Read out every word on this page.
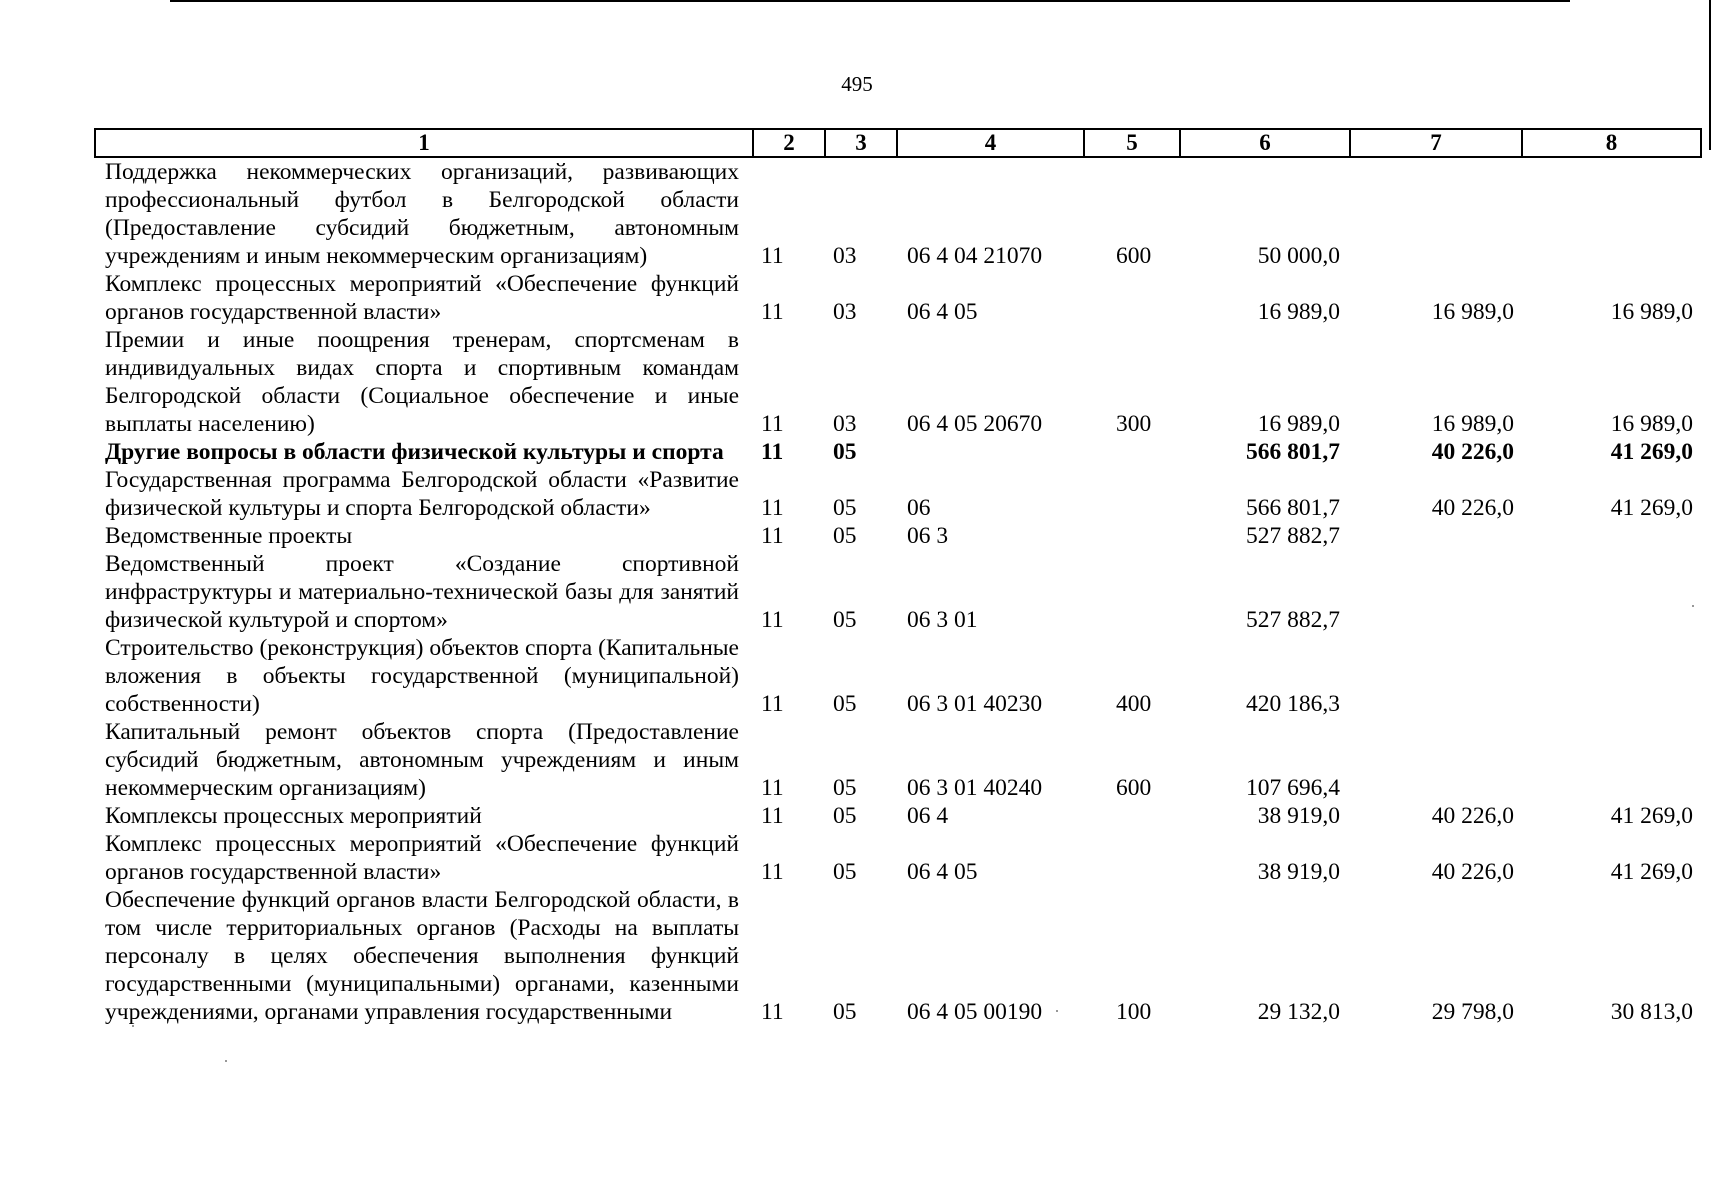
495
1	2	3	4	5	6	7	8
Поддержка некоммерческих организаций, развивающих профессиональный футбол в Белгородской области (Предоставление субсидий бюджетным, автономным учреждениям и иным некоммерческим организациям)	11	03	06 4 04 21070	600	50 000,0		
Комплекс процессных мероприятий «Обеспечение функций органов государственной власти»	11	03	06 4 05		16 989,0	16 989,0	16 989,0
Премии и иные поощрения тренерам, спортсменам в индивидуальных видах спорта и спортивным командам Белгородской области (Социальное обеспечение и иные выплаты населению)	11	03	06 4 05 20670	300	16 989,0	16 989,0	16 989,0
Другие вопросы в области физической культуры и спорта	11	05			566 801,7	40 226,0	41 269,0
Государственная программа Белгородской области «Развитие физической культуры и спорта Белгородской области»	11	05	06		566 801,7	40 226,0	41 269,0
Ведомственные проекты	11	05	06 3		527 882,7		
Ведомственный проект «Создание спортивной инфраструктуры и материально-технической базы для занятий физической культурой и спортом»	11	05	06 3 01		527 882,7		
Строительство (реконструкция) объектов спорта (Капитальные вложения в объекты государственной (муниципальной) собственности)	11	05	06 3 01 40230	400	420 186,3		
Капитальный ремонт объектов спорта (Предоставление субсидий бюджетным, автономным учреждениям и иным некоммерческим организациям)	11	05	06 3 01 40240	600	107 696,4		
Комплексы процессных мероприятий	11	05	06 4		38 919,0	40 226,0	41 269,0
Комплекс процессных мероприятий «Обеспечение функций органов государственной власти»	11	05	06 4 05		38 919,0	40 226,0	41 269,0
Обеспечение функций органов власти Белгородской области, в том числе территориальных органов (Расходы на выплаты персоналу в целях обеспечения выполнения функций государственными (муниципальными) органами, казенными учреждениями, органами управления государственными	11	05	06 4 05 00190	100	29 132,0	29 798,0	30 813,0
